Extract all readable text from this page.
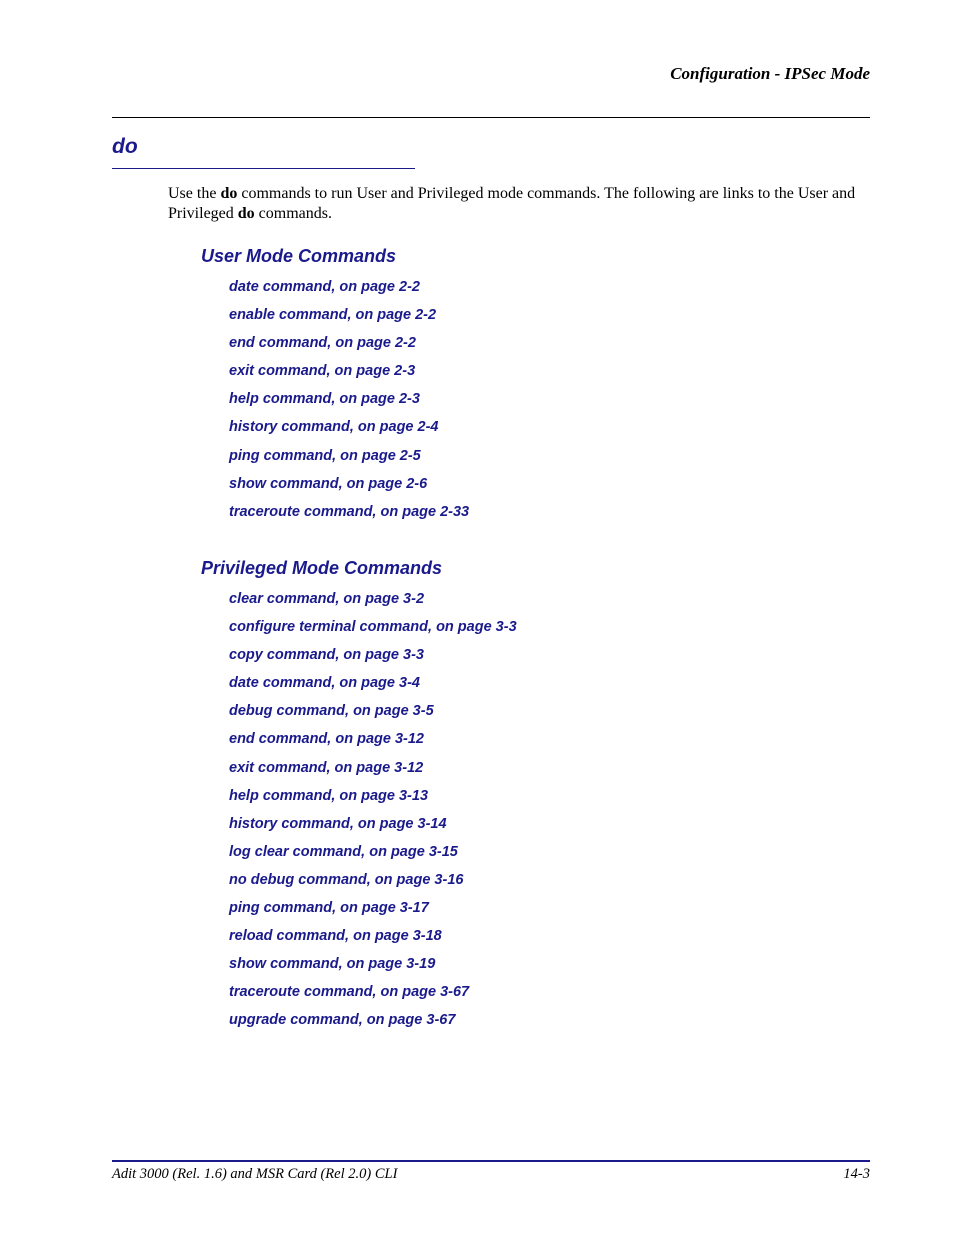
Configuration - IPSec Mode
do

Use the do commands to run User and Privileged mode commands. The following are links to the User and Privileged do commands.

User Mode Commands
date command, on page 2-2
enable command, on page 2-2
end command, on page 2-2
exit command, on page 2-3
help command, on page 2-3
history command, on page 2-4
ping command, on page 2-5
show command, on page 2-6
traceroute command, on page 2-33
Privileged Mode Commands
clear command, on page 3-2
configure terminal command, on page 3-3
copy command, on page 3-3
date command, on page 3-4
debug command, on page 3-5
end command, on page 3-12
exit command, on page 3-12
help command, on page 3-13
history command, on page 3-14
log clear command, on page 3-15
no debug command, on page 3-16
ping command, on page 3-17
reload command, on page 3-18
show command, on page 3-19
traceroute command, on page 3-67
upgrade command, on page 3-67
Adit 3000 (Rel. 1.6) and MSR Card (Rel 2.0) CLI	14-3
